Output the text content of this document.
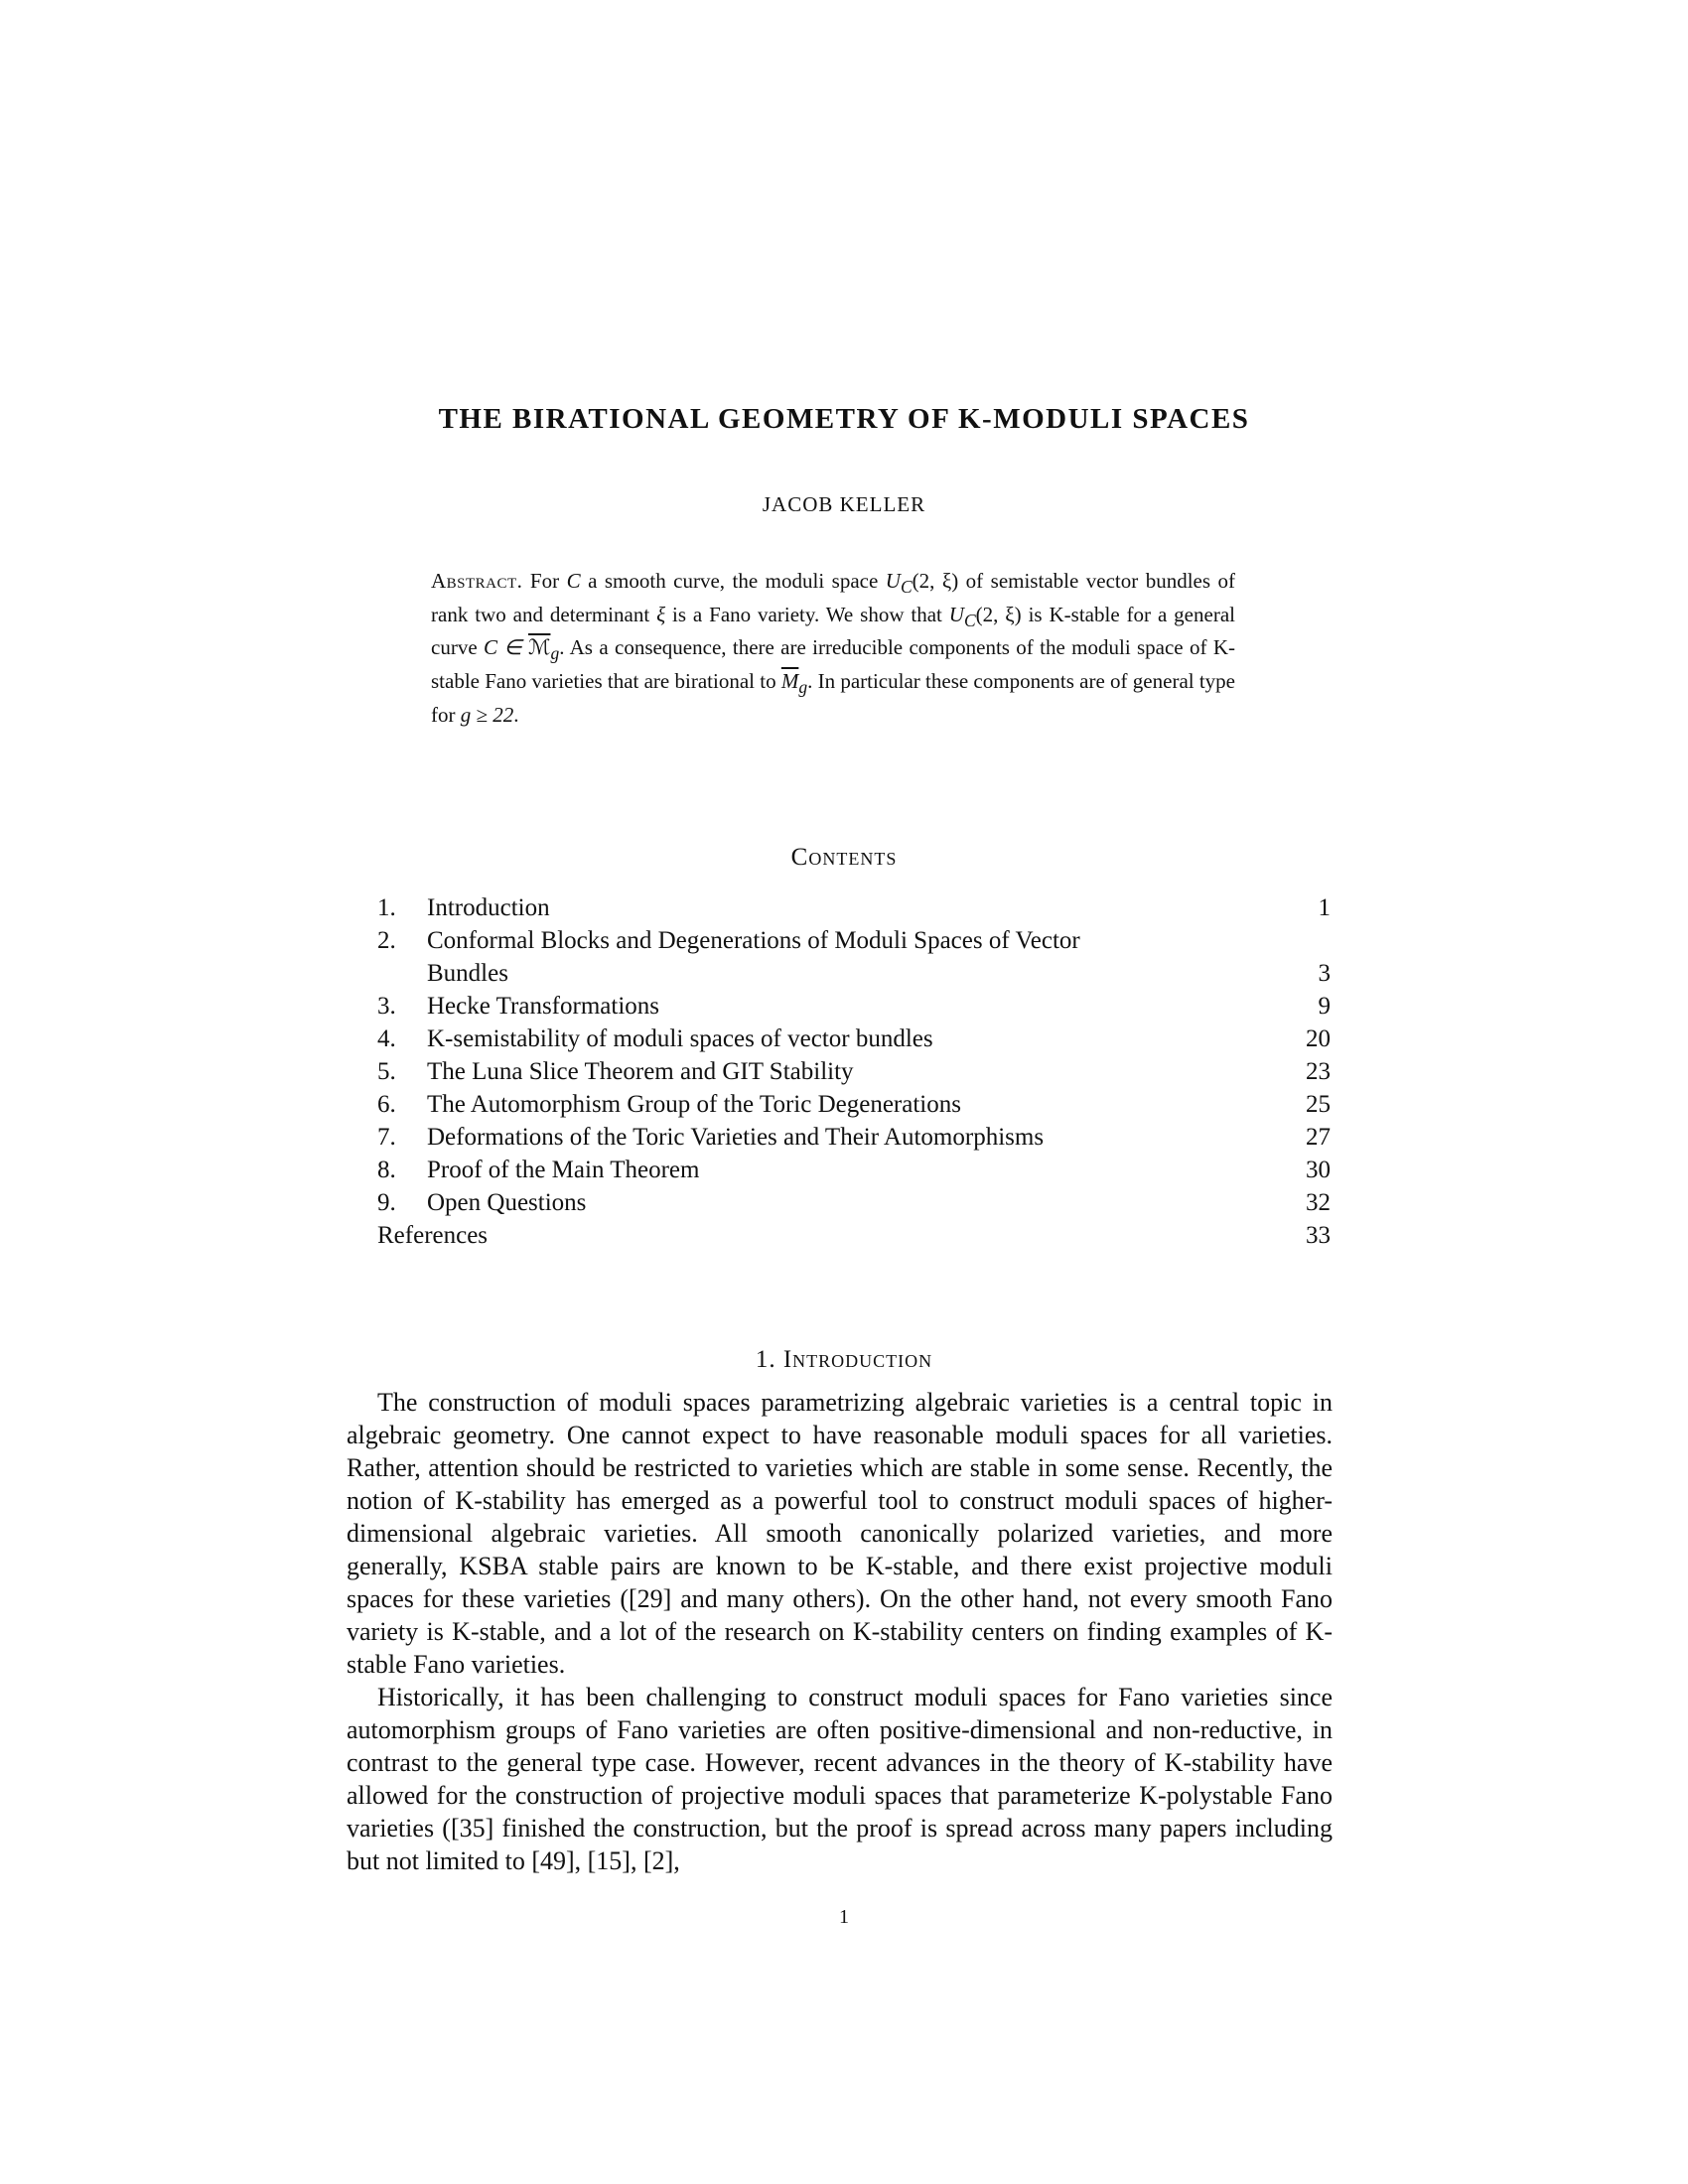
THE BIRATIONAL GEOMETRY OF K-MODULI SPACES
JACOB KELLER
Abstract. For C a smooth curve, the moduli space $U_C(2$, ξ) of semistable vector bundles of rank two and determinant ξ is a Fano variety. We show that $U_C(2$, ξ) is K-stable for a general curve C ∈ ℳ$_g$. As a consequence, there are irreducible components of the moduli space of K-stable Fano varieties that are birational to $\overline{M}_g$. In particular these components are of general type for g ≥ 22.
Contents
1.	Introduction	1
2.	Conformal Blocks and Degenerations of Moduli Spaces of Vector
Bundles	3
3.	Hecke Transformations	9
4.	K-semistability of moduli spaces of vector bundles	20
5.	The Luna Slice Theorem and GIT Stability	23
6.	The Automorphism Group of the Toric Degenerations	25
7.	Deformations of the Toric Varieties and Their Automorphisms	27
8.	Proof of the Main Theorem	30
9.	Open Questions	32
References	33
1. Introduction

The construction of moduli spaces parametrizing algebraic varieties is a central topic in algebraic geometry. One cannot expect to have reasonable moduli spaces for all varieties. Rather, attention should be restricted to varieties which are stable in some sense. Recently, the notion of K-stability has emerged as a powerful tool to construct moduli spaces of higher-dimensional algebraic varieties. All smooth canonically polarized varieties, and more generally, KSBA stable pairs are known to be K-stable, and there exist projective moduli spaces for these varieties ([29] and many others). On the other hand, not every smooth Fano variety is K-stable, and a lot of the research on K-stability centers on finding examples of K-stable Fano varieties.

Historically, it has been challenging to construct moduli spaces for Fano varieties since automorphism groups of Fano varieties are often positive-dimensional and non-reductive, in contrast to the general type case. However, recent advances in the theory of K-stability have allowed for the construction of projective moduli spaces that parameterize K-polystable Fano varieties ([35] finished the construction, but the proof is spread across many papers including but not limited to [49], [15], [2],

1
